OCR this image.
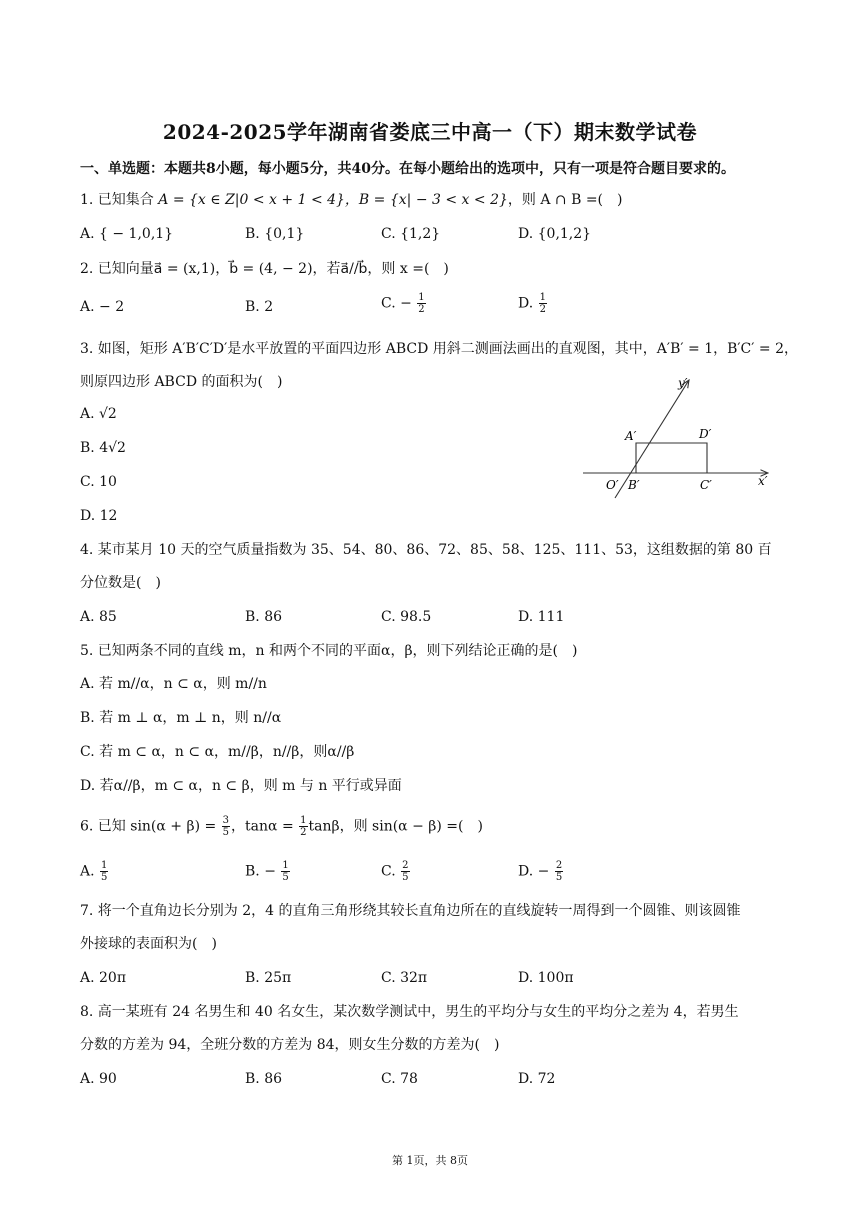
2024-2025学年湖南省娄底三中高一（下）期末数学试卷
一、单选题：本题共8小题，每小题5分，共40分。在每小题给出的选项中，只有一项是符合题目要求的。
1. 已知集合 A = {x ∈ Z|0 < x + 1 < 4}，B = {x| − 3 < x < 2}，则 A ∩ B =(　)
A. { − 1,0,1}	B. {0,1}	C. {1,2}	D. {0,1,2}
2. 已知向量a⃗ = (x,1)，b⃗ = (4, − 2)，若a⃗//b⃗，则 x =(　)
A. − 2	B. 2	C. − $\frac{1}{2}$	D. $\frac{1}{2}$
3. 如图，矩形 A′B′C′D′是水平放置的平面四边形 ABCD 用斜二测画法画出的直观图，其中，A′B′ = 1，B′C′ = 2，
则原四边形 ABCD 的面积为(　)
A. √2
B. 4√2
C. 10
D. 12
y′
x′
O′
A′
B′	C′
D′
4. 某市某月 10 天的空气质量指数为 35、54、80、86、72、85、58、125、111、53，这组数据的第 80 百
分位数是(　)
A. 85	B. 86	C. 98.5	D. 111
5. 已知两条不同的直线 m，n 和两个不同的平面α，β，则下列结论正确的是(　)
A. 若 m//α，n ⊂ α，则 m//n
B. 若 m ⊥ α，m ⊥ n，则 n//α
C. 若 m ⊂ α，n ⊂ α，m//β，n//β，则α//β
D. 若α//β，m ⊂ α，n ⊂ β，则 m 与 n 平行或异面
6. 已知 $\sin(\alpha + \beta) = \frac{3}{5}$ ，$\tan\alpha = \frac{1}{2}$ tanβ，则 sin(α − β) =(　)
A. $\frac{1}{5}$	B. − $\frac{1}{5}$	C. $\frac{2}{5}$	D. − $\frac{2}{5}$
7. 将一个直角边长分别为 2，4 的直角三角形绕其较长直角边所在的直线旋转一周得到一个圆锥、则该圆锥
外接球的表面积为(　)
A. 20π	B. 25π	C. 32π	D. 100π
8. 高一某班有 24 名男生和 40 名女生，某次数学测试中，男生的平均分与女生的平均分之差为 4，若男生
分数的方差为 94，全班分数的方差为 84，则女生分数的方差为(　)
A. 90	B. 86	C. 78	D. 72
第 1页，共 8页
